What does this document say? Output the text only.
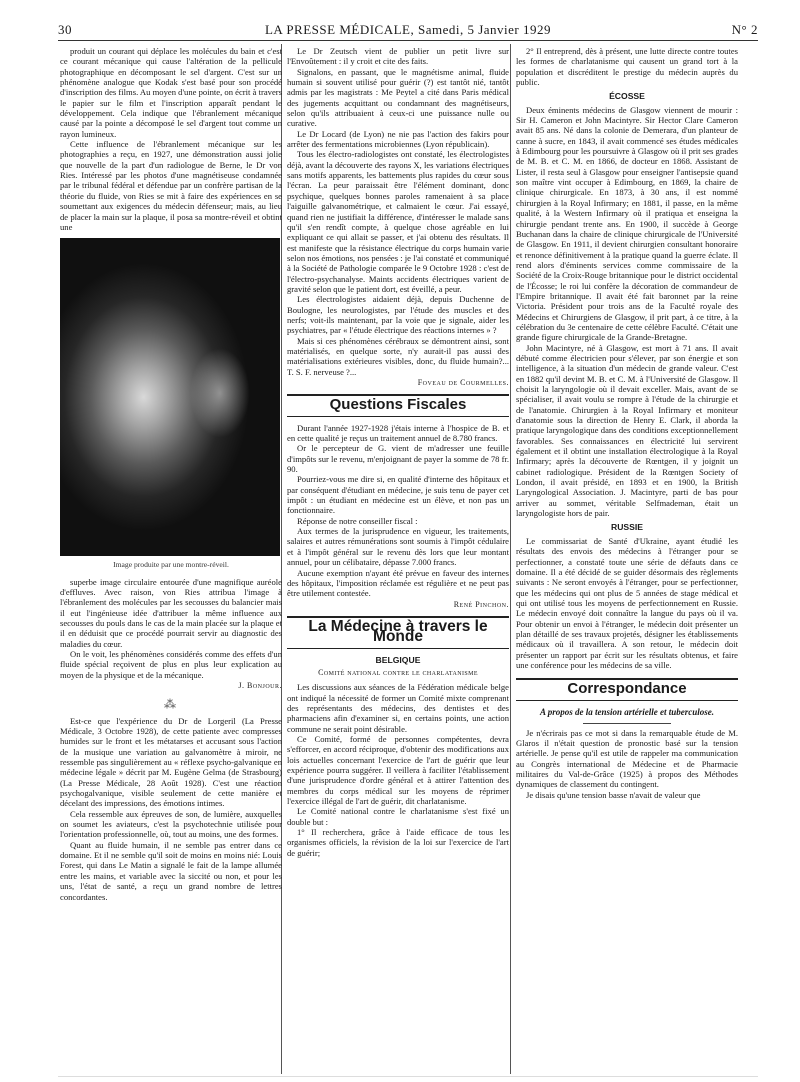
30	LA PRESSE MÉDICALE, Samedi, 5 Janvier 1929	N° 2

produit un courant qui déplace les molécules du bain et c'est ce courant mécanique qui cause l'altération de la pellicule photographique en décomposant le sel d'argent. C'est sur un phénomène analogue que Kodak s'est basé pour son procédé d'inscription des films. Au moyen d'une pointe, on écrit à travers le papier sur le film et l'inscription apparaît pendant le développement. Cela indique que l'ébranlement mécanique causé par la pointe a décomposé le sel d'argent tout comme un rayon lumineux.

Cette influence de l'ébranlement mécanique sur les photographies a reçu, en 1927, une démonstration aussi jolie que nouvelle de la part d'un radiologue de Berne, le Dr von Ries. Intéressé par les photos d'une magnétiseuse condamnée par le tribunal fédéral et défendue par un confrère partisan de la théorie du fluide, von Ries se mit à faire des expériences en se soumettant aux exigences du médecin défenseur; mais, au lieu de placer la main sur la plaque, il posa sa montre-réveil et obtint une

Image produite par une montre-réveil.

superbe image circulaire entourée d'une magnifique auréole d'effluves. Avec raison, von Ries attribua l'image à l'ébranlement des molécules par les secousses du balancier mais il eut l'ingénieuse idée d'attribuer la même influence aux secousses du pouls dans le cas de la main placée sur la plaque et il en déduisit que ce procédé pourrait servir au diagnostic des maladies du cœur.

On le voit, les phénomènes considérés comme des effets d'un fluide spécial reçoivent de plus en plus leur explication au moyen de la physique et de la mécanique.

J. Bonjour.
⁂

Est-ce que l'expérience du Dr de Lorgeril (La Presse Médicale, 3 Octobre 1928), de cette patiente avec compresses humides sur le front et les métatarses et accusant sous l'action de la musique une variation au galvanomètre à miroir, ne ressemble pas singulièrement au « réflexe psycho-galvanique en médecine légale » décrit par M. Eugène Gelma (de Strasbourg) (La Presse Médicale, 28 Août 1928). C'est une réaction psychogalvanique, visible seulement de cette manière et décelant des impressions, des émotions intimes.

Cela ressemble aux épreuves de son, de lumière, auxquelles on soumet les aviateurs, c'est la psychotechnie utilisée pour l'orientation professionnelle, où, tout au moins, une des formes.

Quant au fluide humain, il ne semble pas entrer dans ce domaine. Et il ne semble qu'il soit de moins en moins nié: Louis Forest, qui dans Le Matin a signalé le fait de la lampe allumée entre les mains, et variable avec la siccité ou non, et pour les uns, l'état de santé, a reçu un grand nombre de lettres concordantes.

Le Dr Zeutsch vient de publier un petit livre sur l'Envoûtement : il y croit et cite des faits.

Signalons, en passant, que le magnétisme animal, fluide humain si souvent utilisé pour guérir (?) est tantôt nié, tantôt admis par les magistrats : Me Peytel a cité dans Paris médical des jugements acquittant ou condamnant des magnétiseurs, selon qu'ils attribuaient à ceux-ci une puissance nulle ou curative.

Le Dr Locard (de Lyon) ne nie pas l'action des fakirs pour arrêter des fermentations microbiennes (Lyon républicain).

Tous les électro-radiologistes ont constaté, les électrologistes déjà, avant la découverte des rayons X, les variations électriques sans motifs apparents, les battements plus rapides du cœur sous l'écran. La peur paraissait être l'élément dominant, donc psychique, quelques bonnes paroles ramenaient à sa place l'aiguille galvanométrique, et calmaient le cœur. J'ai essayé, quand rien ne justifiait la différence, d'intéresser le malade sans qu'il s'en rendît compte, à quelque chose agréable en lui expliquant ce qui allait se passer, et j'ai obtenu des résultats. Il est manifeste que la résistance électrique du corps humain varie selon nos émotions, nos pensées : je l'ai constaté et communiqué à la Société de Pathologie comparée le 9 Octobre 1928 : c'est de l'électro-psychanalyse. Maints accidents électriques varient de gravité selon que le patient dort, est éveillé, a peur.

Les électrologistes aidaient déjà, depuis Duchenne de Boulogne, les neurologistes, par l'étude des muscles et des nerfs; voit-ils maintenant, par la voie que je signale, aider les psychiatres, par « l'étude électrique des réactions internes » ?

Mais si ces phénomènes cérébraux se démontrent ainsi, sont matérialisés, en quelque sorte, n'y aurait-il pas aussi des matérialisations extérieures visibles, donc, du fluide humain?... T. S. F. nerveuse ?...

Foveau de Courmelles.
Questions Fiscales

Durant l'année 1927-1928 j'étais interne à l'hospice de B. et en cette qualité je reçus un traitement annuel de 8.780 francs.

Or le percepteur de G. vient de m'adresser une feuille d'impôts sur le revenu, m'enjoignant de payer la somme de 78 fr. 90.

Pourriez-vous me dire si, en qualité d'interne des hôpitaux et par conséquent d'étudiant en médecine, je suis tenu de payer cet impôt : un étudiant en médecine est un élève, et non pas un fonctionnaire.

Réponse de notre conseiller fiscal :

Aux termes de la jurisprudence en vigueur, les traitements, salaires et autres rémunérations sont soumis à l'impôt cédulaire et à l'impôt général sur le revenu dès lors que leur montant annuel, pour un célibataire, dépasse 7.000 francs.

Aucune exemption n'ayant été prévue en faveur des internes des hôpitaux, l'imposition réclamée est régulière et ne peut pas être utilement contestée.

René Pinchon.
La Médecine à travers le Monde
BELGIQUE
Comité national contre le charlatanisme

Les discussions aux séances de la Fédération médicale belge ont indiqué la nécessité de former un Comité mixte comprenant des représentants des médecins, des dentistes et des pharmaciens afin d'examiner si, en certains points, une action commune ne serait point désirable.

Ce Comité, formé de personnes compétentes, devra s'efforcer, en accord réciproque, d'obtenir des modifications aux lois actuelles concernant l'exercice de l'art de guérir que leur expérience pourra suggérer. Il veillera à faciliter l'établissement d'une jurisprudence d'ordre général et à attirer l'attention des membres du corps médical sur les moyens de réprimer l'exercice illégal de l'art de guérir, dit charlatanisme.

Le Comité national contre le charlatanisme s'est fixé un double but :

1° Il recherchera, grâce à l'aide efficace de tous les organismes officiels, la révision de la loi sur l'exercice de l'art de guérir;

2° Il entreprend, dès à présent, une lutte directe contre toutes les formes de charlatanisme qui causent un grand tort à la population et discréditent le prestige du médecin auprès du public.

ÉCOSSE

Deux éminents médecins de Glasgow viennent de mourir : Sir H. Cameron et John Macintyre. Sir Hector Clare Cameron avait 85 ans. Né dans la colonie de Demerara, d'un planteur de canne à sucre, en 1843, il avait commencé ses études médicales à Edimbourg pour les poursuivre à Glasgow où il prit ses grades de M. B. et C. M. en 1866, de docteur en 1868. Assistant de Lister, il resta seul à Glasgow pour enseigner l'antisepsie quand son maître vint occuper à Edimbourg, en 1869, la chaire de clinique chirurgicale. En 1873, à 30 ans, il est nommé chirurgien à la Royal Infirmary; en 1881, il passe, en la même qualité, à la Western Infirmary où il pratiqua et enseigna la chirurgie pendant trente ans. En 1900, il succède à George Buchanan dans la chaire de clinique chirurgicale de l'Université de Glasgow. En 1911, il devient chirurgien consultant honoraire et renonce définitivement à la pratique quand la guerre éclate. Il rend alors d'éminents services comme commissaire de la Société de la Croix-Rouge britannique pour le district occidental de l'Écosse; le roi lui confère la décoration de commandeur de l'Empire britannique. Il avait été fait baronnet par la reine Victoria. Président pour trois ans de la Faculté royale des Médecins et Chirurgiens de Glasgow, il prit part, à ce titre, à la célébration du 3e centenaire de cette célèbre Faculté. C'était une grande figure chirurgicale de la Grande-Bretagne.

John Macintyre, né à Glasgow, est mort à 71 ans. Il avait débuté comme électricien pour s'élever, par son énergie et son intelligence, à la situation d'un médecin de grande valeur. C'est en 1882 qu'il devint M. B. et C. M. à l'Université de Glasgow. Il choisit la laryngologie où il devait exceller. Mais, avant de se spécialiser, il avait voulu se rompre à l'étude de la chirurgie et de l'anatomie. Chirurgien à la Royal Infirmary et moniteur d'anatomie sous la direction de Henry E. Clark, il aborda la pratique laryngologique dans des conditions exceptionnellement favorables. Ses connaissances en électricité lui servirent également et il obtint une installation électrologique à la Royal Infirmary; après la découverte de Rœntgen, il y joignit un cabinet radiologique. Président de la Rœntgen Society of London, il avait présidé, en 1893 et en 1900, la British Laryngological Association. J. Macintyre, parti de bas pour arriver au sommet, véritable Selfmademan, était un laryngologiste hors de pair.

RUSSIE

Le commissariat de Santé d'Ukraine, ayant étudié les résultats des envois des médecins à l'étranger pour se perfectionner, a constaté toute une série de défauts dans ce domaine. Il a été décidé de se guider désormais des règlements suivants : Ne seront envoyés à l'étranger, pour se perfectionner, que les médecins qui ont plus de 5 années de stage médical et qui ont utilisé tous les moyens de perfectionnement en Russie. Le médecin envoyé doit connaître la langue du pays où il va. Pour obtenir un envoi à l'étranger, le médecin doit présenter un plan détaillé de ses travaux projetés, désigner les établissements médicaux où il travaillera. A son retour, le médecin doit présenter un rapport par écrit sur les résultats obtenus, et faire une conférence pour les médecins de sa ville.

Correspondance
A propos de la tension artérielle et tuberculose.

Je n'écrirais pas ce mot si dans la remarquable étude de M. Glaros il n'était question de pronostic basé sur la tension artérielle. Je pense qu'il est utile de rappeler ma communication au Congrès international de Médecine et de Pharmacie militaires du Val-de-Grâce (1925) à propos des Méthodes dynamiques de classement du contingent.

Je disais qu'une tension basse n'avait de valeur que
